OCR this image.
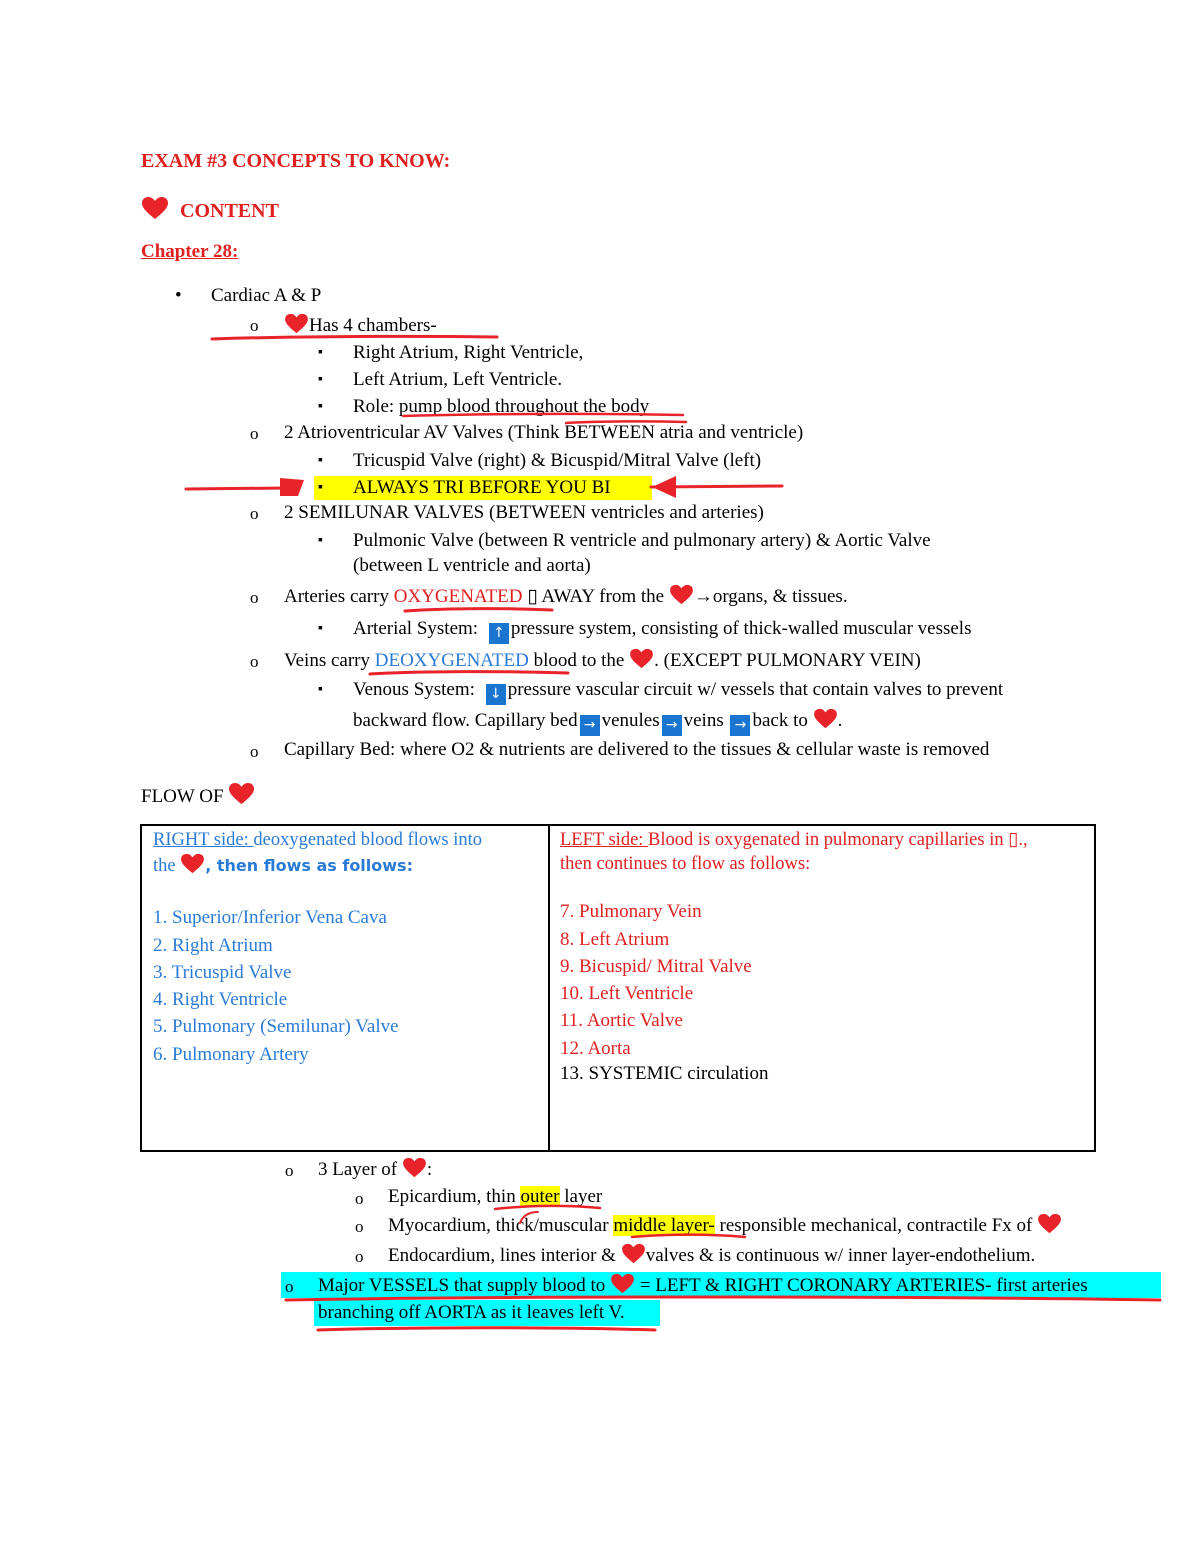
EXAM #3 CONCEPTS TO KNOW:
CONTENT
Chapter 28:
• Cardiac A & P
o	Has 4 chambers-
▪ Right Atrium, Right Ventricle,
▪ Left Atrium, Left Ventricle.
▪ Role: pump blood throughout the body
o 2 Atrioventricular AV Valves (Think BETWEEN atria and ventricle)
▪ Tricuspid Valve (right) & Bicuspid/Mitral Valve (left)
▪ ALWAYS TRI BEFORE YOU BI
o 2 SEMILUNAR VALVES (BETWEEN ventricles and arteries)
▪ Pulmonic Valve (between R ventricle and pulmonary artery) & Aortic Valve
(between L ventricle and aorta)
o Arteries carry OXYGENATED ▯ AWAY from the →organs, & tissues.
▪ Arterial System: ↑ pressure system, consisting of thick-walled muscular vessels
o Veins carry DEOXYGENATED blood to the . (EXCEPT PULMONARY VEIN)
▪ Venous System: ↓ pressure vascular circuit w/ vessels that contain valves to prevent
backward flow. Capillary bed → venules → veins → back to .
o Capillary Bed: where O2 & nutrients are delivered to the tissues & cellular waste is removed
FLOW OF
RIGHT side: deoxygenated blood flows into
the , then flows as follows:
1. Superior/Inferior Vena Cava
2. Right Atrium
3. Tricuspid Valve
4. Right Ventricle
5. Pulmonary (Semilunar) Valve
6. Pulmonary Artery
LEFT side: Blood is oxygenated in pulmonary capillaries in ▯.,
then continues to flow as follows:
7. Pulmonary Vein
8. Left Atrium
9. Bicuspid/ Mitral Valve
10. Left Ventricle
11. Aortic Valve
12. Aorta
13. SYSTEMIC circulation
o 3 Layer of :
o Epicardium, thin outer layer
o Myocardium, thick/muscular middle layer- responsible mechanical, contractile Fx of
o Endocardium, lines interior & valves & is continuous w/ inner layer-endothelium.
o Major VESSELS that supply blood to  = LEFT & RIGHT CORONARY ARTERIES- first arteries
branching off AORTA as it leaves left V.
